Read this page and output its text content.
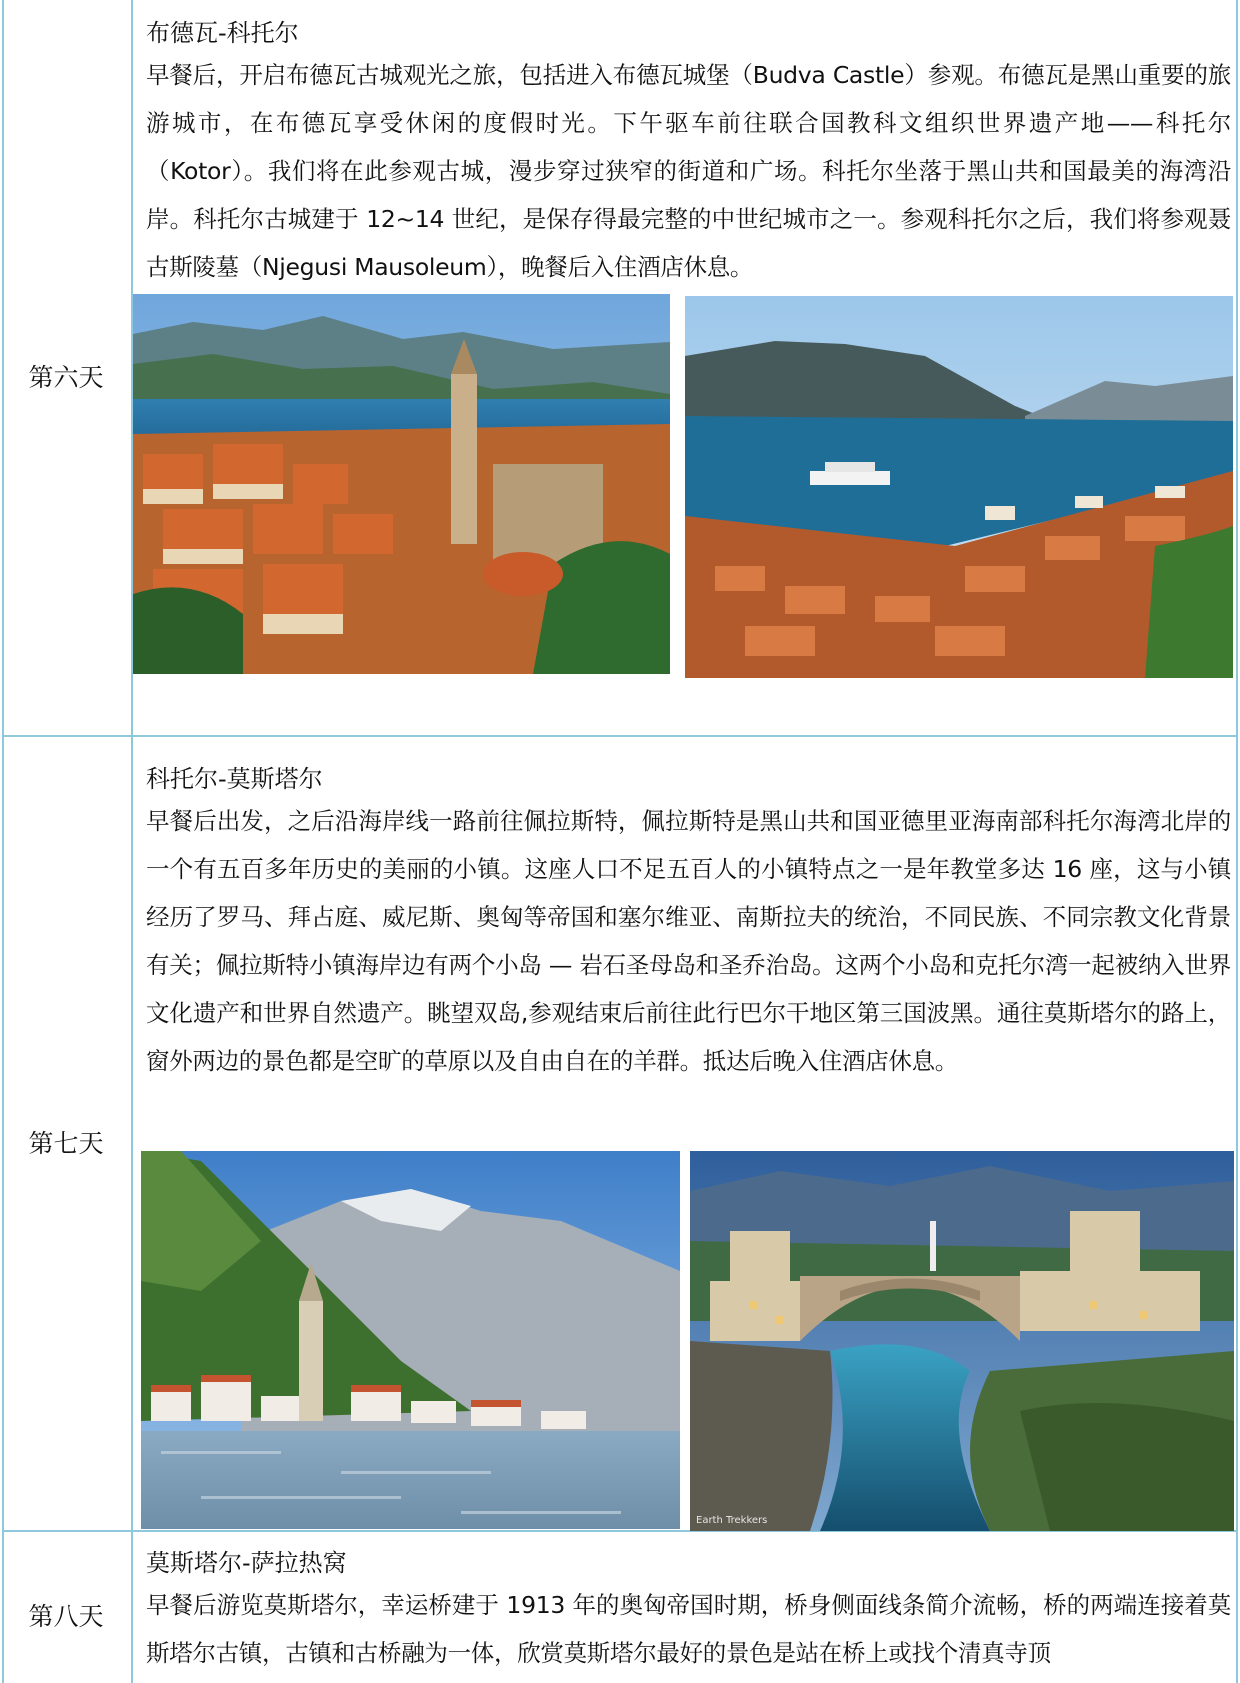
第六天

布德瓦-科托尔

早餐后，开启布德瓦古城观光之旅，包括进入布德瓦城堡（Budva Castle）参观。布德瓦是黑山重要的旅游城市，在布德瓦享受休闲的度假时光。下午驱车前往联合国教科文组织世界遗产地——科托尔（Kotor）。我们将在此参观古城，漫步穿过狭窄的街道和广场。科托尔坐落于黑山共和国最美的海湾沿岸。科托尔古城建于 12~14 世纪，是保存得最完整的中世纪城市之一。参观科托尔之后，我们将参观聂古斯陵墓（Njegusi Mausoleum），晚餐后入住酒店休息。

第七天

科托尔-莫斯塔尔

早餐后出发，之后沿海岸线一路前往佩拉斯特，佩拉斯特是黑山共和国亚德里亚海南部科托尔海湾北岸的一个有五百多年历史的美丽的小镇。这座人口不足五百人的小镇特点之一是年教堂多达 16 座，这与小镇经历了罗马、拜占庭、威尼斯、奥匈等帝国和塞尔维亚、南斯拉夫的统治，不同民族、不同宗教文化背景有关；佩拉斯特小镇海岸边有两个小岛 — 岩石圣母岛和圣乔治岛。这两个小岛和克托尔湾一起被纳入世界文化遗产和世界自然遗产。眺望双岛,参观结束后前往此行巴尔干地区第三国波黑。通往莫斯塔尔的路上，窗外两边的景色都是空旷的草原以及自由自在的羊群。抵达后晚入住酒店休息。

Earth Trekkers
第八天

莫斯塔尔-萨拉热窝

早餐后游览莫斯塔尔，幸运桥建于 1913 年的奥匈帝国时期，桥身侧面线条简介流畅，桥的两端连接着莫斯塔尔古镇，古镇和古桥融为一体，欣赏莫斯塔尔最好的景色是站在桥上或找个清真寺顶
